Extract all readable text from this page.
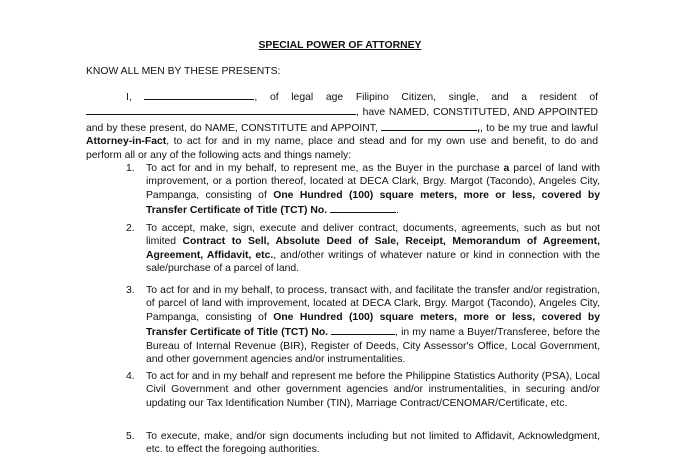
SPECIAL POWER OF ATTORNEY
KNOW ALL MEN BY THESE PRESENTS:

I,	, of legal age Filipino Citizen, single, and a resident of , have NAMED, CONSTITUTED, AND APPOINTED and by these present, do NAME, CONSTITUTE and APPOINT,	,, to be my true and lawful Attorney-in-Fact, to act for and in my name, place and stead and for my own use and benefit, to do and perform all or any of the following acts and things namely:

1. To act for and in my behalf, to represent me, as the Buyer in the purchase a parcel of land with improvement, or a portion thereof, located at DECA Clark, Brgy. Margot (Tacondo), Angeles City, Pampanga, consisting of One Hundred (100) square meters, more or less, covered by Transfer Certificate of Title (TCT) No.	.
2. To accept, make, sign, execute and deliver contract, documents, agreements, such as but not limited Contract to Sell, Absolute Deed of Sale, Receipt, Memorandum of Agreement, Agreement, Affidavit, etc., and/other writings of whatever nature or kind in connection with the sale/purchase of a parcel of land.
3. To act for and in my behalf, to process, transact with, and facilitate the transfer and/or registration, of parcel of land with improvement, located at DECA Clark, Brgy. Margot (Tacondo), Angeles City, Pampanga, consisting of One Hundred (100) square meters, more or less, covered by Transfer Certificate of Title (TCT) No.	, in my name a Buyer/Transferee, before the Bureau of Internal Revenue (BIR), Register of Deeds, City Assessor's Office, Local Government, and other government agencies and/or instrumentalities.
4. To act for and in my behalf and represent me before the Philippine Statistics Authority (PSA), Local Civil Government and other government agencies and/or instrumentalities, in securing and/or updating our Tax Identification Number (TIN), Marriage Contract/CENOMAR/Certificate, etc.
5. To execute, make, and/or sign documents including but not limited to Affidavit, Acknowledgment, etc. to effect the foregoing authorities.
